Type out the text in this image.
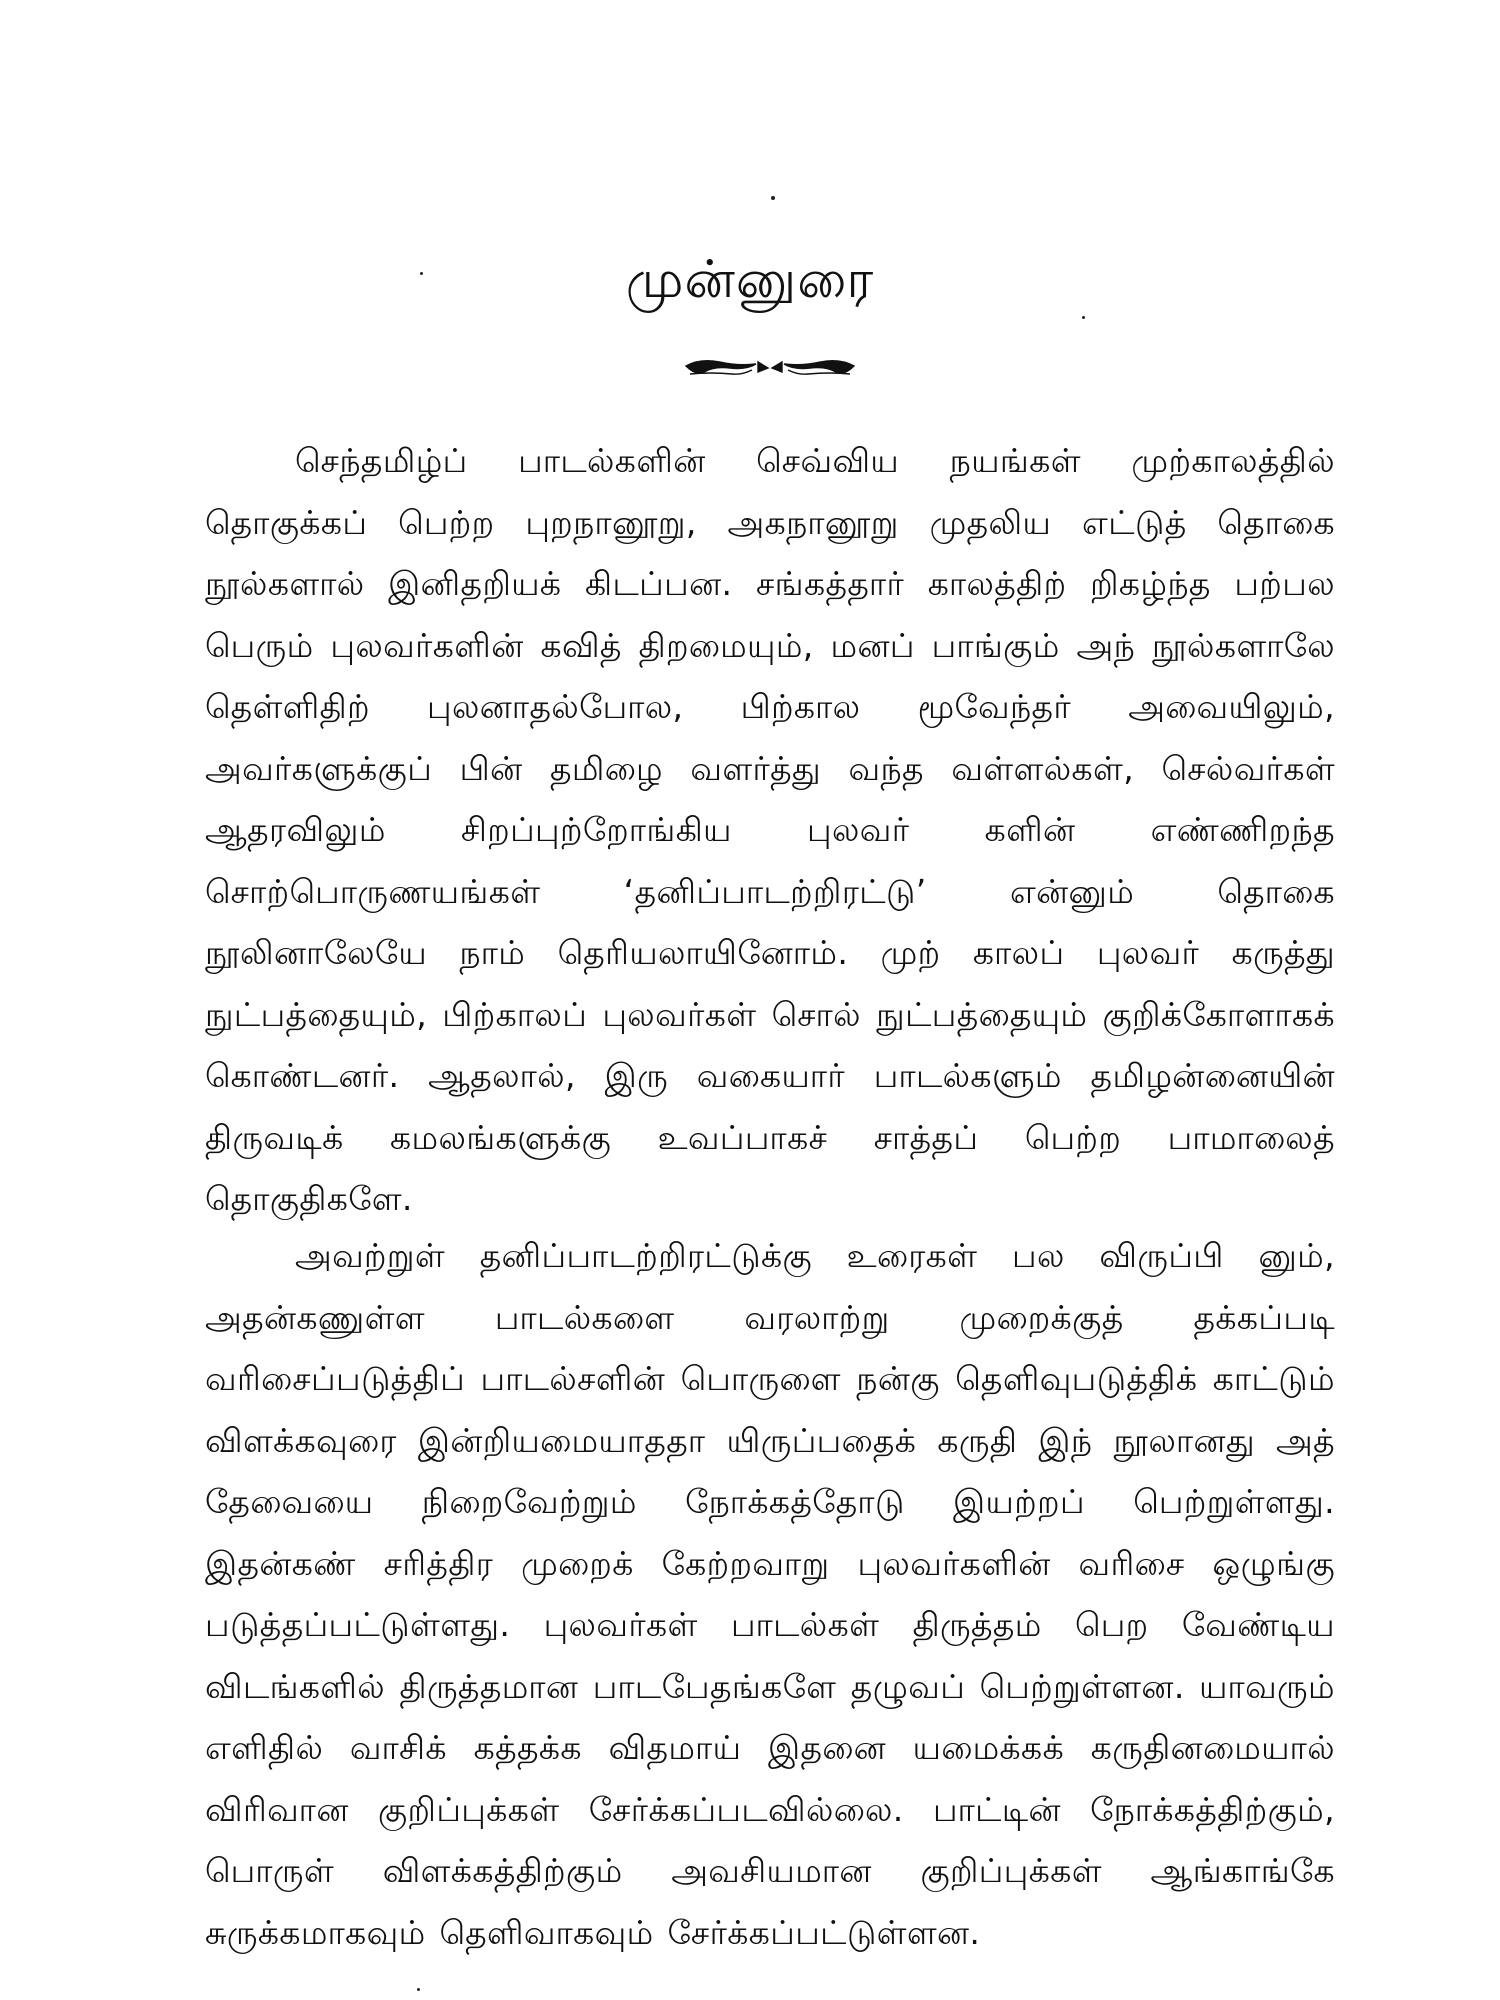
முன்னுரை

செந்தமிழ்ப் பாடல்களின் செவ்விய நயங்கள் முற்காலத்தில் தொகுக்கப் பெற்ற புறநானூறு, அகநானூறு முதலிய எட்டுத் தொகை நூல்களால் இனிதறியக் கிடப்பன. சங்கத்தார் காலத்திற் றிகழ்ந்த பற்பல பெரும் புலவர்களின் கவித் திறமையும், மனப் பாங்கும் அந் நூல்களாலே தெள்ளிதிற் புலனாதல்போல, பிற்கால மூவேந்தர் அவையிலும், அவர்களுக்குப் பின் தமிழை வளர்த்து வந்த வள்ளல்கள், செல்வர்கள் ஆதரவிலும் சிறப்புற்றோங்கிய புலவர் களின் எண்ணிறந்த சொற்பொருணயங்கள் ‘தனிப்பாடற்றிரட்டு’ என்னும் தொகை நூலினாலேயே நாம் தெரியலாயினோம். முற் காலப் புலவர் கருத்து நுட்பத்தையும், பிற்காலப் புலவர்கள் சொல் நுட்பத்தையும் குறிக்கோளாகக் கொண்டனர். ஆதலால், இரு வகையார் பாடல்களும் தமிழன்னையின் திருவடிக் கமலங்களுக்கு உவப்பாகச் சாத்தப் பெற்ற பாமாலைத் தொகுதிகளே.

அவற்றுள் தனிப்பாடற்றிரட்டுக்கு உரைகள் பல விருப்பி னும், அதன்கணுள்ள பாடல்களை வரலாற்று முறைக்குத் தக்கப்படி வரிசைப்படுத்திப் பாடல்சளின் பொருளை நன்கு தெளிவுபடுத்திக் காட்டும் விளக்கவுரை இன்றியமையாததா யிருப்பதைக் கருதி இந் நூலானது அத் தேவையை நிறைவேற்றும் நோக்கத்தோடு இயற்றப் பெற்றுள்ளது. இதன்கண் சரித்திர முறைக் கேற்றவாறு புலவர்களின் வரிசை ஒழுங்கு படுத்தப்பட்டுள்ளது. புலவர்கள் பாடல்கள் திருத்தம் பெற வேண்டிய விடங்களில் திருத்தமான பாடபேதங்களே தழுவப் பெற்றுள்ளன. யாவரும் எளிதில் வாசிக் கத்தக்க விதமாய் இதனை யமைக்கக் கருதினமையால் விரிவான குறிப்புக்கள் சேர்க்கப்படவில்லை. பாட்டின் நோக்கத்திற்கும், பொருள் விளக்கத்திற்கும் அவசியமான குறிப்புக்கள் ஆங்காங்கே சுருக்கமாகவும் தெளிவாகவும் சேர்க்கப்பட்டுள்ளன.
